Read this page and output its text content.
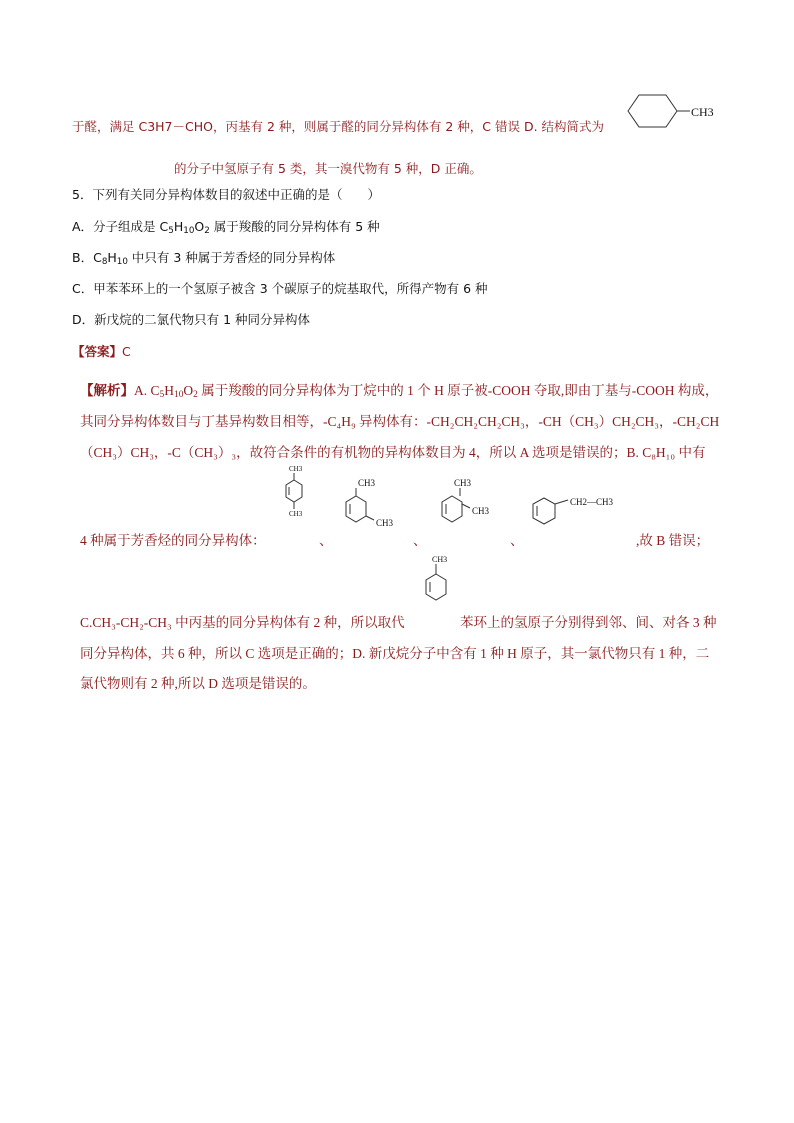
于醛，满足 C3H7－CHO，丙基有 2 种，则属于醛的同分异构体有 2 种，C 错误 D. 结构简式为
CH3
的分子中氢原子有 5 类，其一溴代物有 5 种，D 正确。
5．下列有关同分异构体数目的叙述中正确的是（　　）
A．分子组成是 $C_5H_{10}O_2$ 属于羧酸的同分异构体有 5 种
B．$C_8H_{10}$ 中只有 3 种属于芳香烃的同分异构体
C．甲苯苯环上的一个氢原子被含 3 个碳原子的烷基取代，所得产物有 6 种
D．新戊烷的二氯代物只有 1 种同分异构体
【答案】C
【解析】A. $C_5H_{10}O_2$ 属于羧酸的同分异构体为丁烷中的 1 个 H 原子被-COOH 夺取,即由丁基与-COOH 构成，
其同分异构体数目与丁基异构数目相等，-C₄H₉ 异构体有：-CH₂CH₂CH₂CH₃，-CH（CH₃）CH₂CH₃，-CH₂CH
（CH₃）CH₃，-C（CH₃）₃，故符合条件的有机物的异构体数目为 4，所以 A 选项是错误的；B. C₈H₁₀ 中有
CH3
CH3
CH3
CH3
CH3
CH3
CH2—CH3
4 种属于芳香烃的同分异构体：	、	、	、	,故 B 错误；
CH3
C.CH₃-CH₂-CH₃ 中丙基的同分异构体有 2 种，所以取代	苯环上的氢原子分别得到邻、间、对各 3 种
同分异构体，共 6 种，所以 C 选项是正确的；D. 新戊烷分子中含有 1 种 H 原子，其一氯代物只有 1 种，二
氯代物则有 2 种,所以 D 选项是错误的。
